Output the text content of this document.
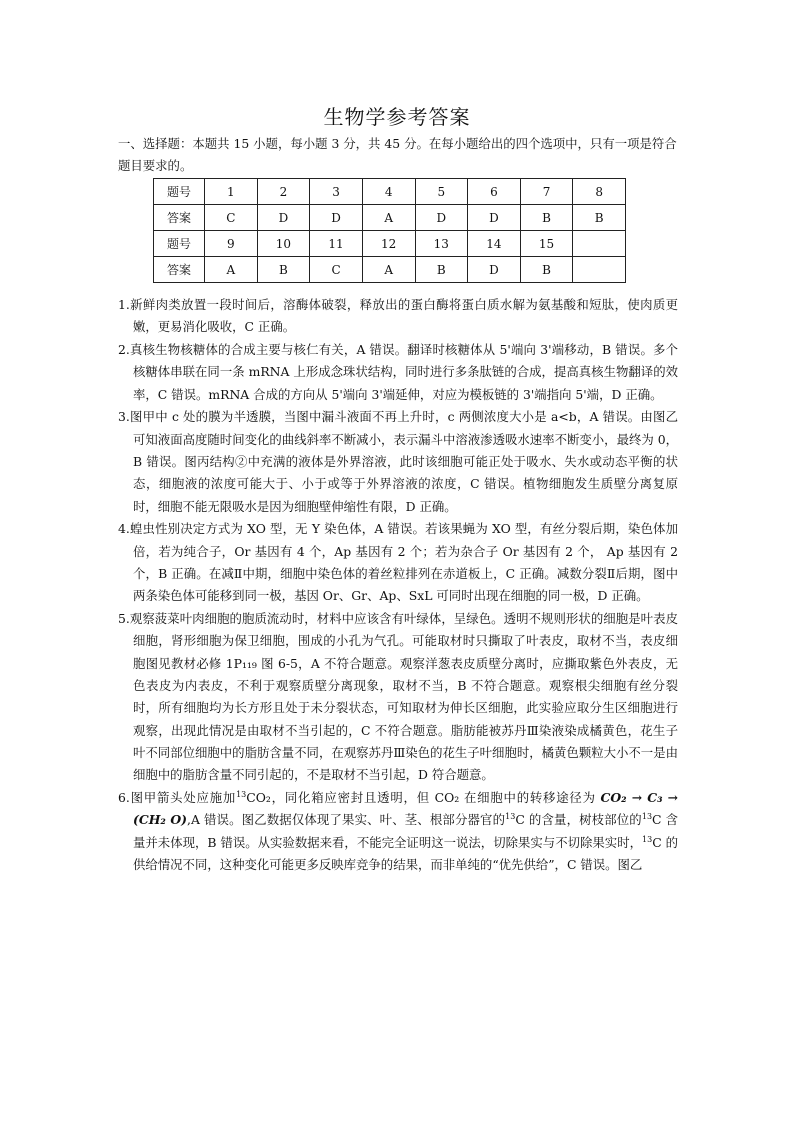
生物学参考答案

一、选择题：本题共 15 小题，每小题 3 分，共 45 分。在每小题给出的四个选项中，只有一项是符合题目要求的。

题号	1	2	3	4	5	6	7	8
答案	C	D	D	A	D	D	B	B
题号	9	10	11	12	13	14	15	
答案	A	B	C	A	B	D	B	

1.新鲜肉类放置一段时间后，溶酶体破裂，释放出的蛋白酶将蛋白质水解为氨基酸和短肽，使肉质更嫩，更易消化吸收，C 正确。

2.真核生物核糖体的合成主要与核仁有关，A 错误。翻译时核糖体从 5'端向 3'端移动，B 错误。多个核糖体串联在同一条 mRNA 上形成念珠状结构，同时进行多条肽链的合成，提高真核生物翻译的效率，C 错误。mRNA 合成的方向从 5'端向 3'端延伸，对应为模板链的 3'端指向 5'端，D 正确。

3.图甲中 c 处的膜为半透膜，当图中漏斗液面不再上升时，c 两侧浓度大小是 a<b，A 错误。由图乙可知液面高度随时间变化的曲线斜率不断减小，表示漏斗中溶液渗透吸水速率不断变小，最终为 0，B 错误。图丙结构②中充满的液体是外界溶液，此时该细胞可能正处于吸水、失水或动态平衡的状态，细胞液的浓度可能大于、小于或等于外界溶液的浓度，C 错误。植物细胞发生质壁分离复原时，细胞不能无限吸水是因为细胞壁伸缩性有限，D 正确。

4.蝗虫性别决定方式为 XO 型，无 Y 染色体，A 错误。若该果蝇为 XO 型，有丝分裂后期，染色体加倍，若为纯合子，Or 基因有 4 个，Ap 基因有 2 个；若为杂合子 Or 基因有 2 个， Ap 基因有 2 个，B 正确。在减Ⅱ中期，细胞中染色体的着丝粒排列在赤道板上，C 正确。减数分裂Ⅱ后期，图中两条染色体可能移到同一极，基因 Or、Gr、Ap、SxL 可同时出现在细胞的同一极，D 正确。

5.观察菠菜叶肉细胞的胞质流动时，材料中应该含有叶绿体，呈绿色。透明不规则形状的细胞是叶表皮细胞，肾形细胞为保卫细胞，围成的小孔为气孔。可能取材时只撕取了叶表皮，取材不当，表皮细胞图见教材必修 1P₁₁₉ 图 6-5，A 不符合题意。观察洋葱表皮质壁分离时，应撕取紫色外表皮，无色表皮为内表皮，不利于观察质壁分离现象，取材不当，B 不符合题意。观察根尖细胞有丝分裂时，所有细胞均为长方形且处于未分裂状态，可知取材为伸长区细胞，此实验应取分生区细胞进行观察，出现此情况是由取材不当引起的，C 不符合题意。脂肪能被苏丹Ⅲ染液染成橘黄色，花生子叶不同部位细胞中的脂肪含量不同，在观察苏丹Ⅲ染色的花生子叶细胞时，橘黄色颗粒大小不一是由细胞中的脂肪含量不同引起的，不是取材不当引起，D 符合题意。

6.图甲箭头处应施加$^{13}$CO₂，同化箱应密封且透明，但 CO₂ 在细胞中的转移途径为 CO₂ → C₃ → (CH₂ O),A 错误。图乙数据仅体现了果实、叶、茎、根部分器官的$^{13}$C 的含量，树枝部位的$^{13}$C 含量并未体现，B 错误。从实验数据来看，不能完全证明这一说法，切除果实与不切除果实时，$^{13}$C 的供给情况不同，这种变化可能更多反映库竞争的结果，而非单纯的“优先供给”，C 错误。图乙
